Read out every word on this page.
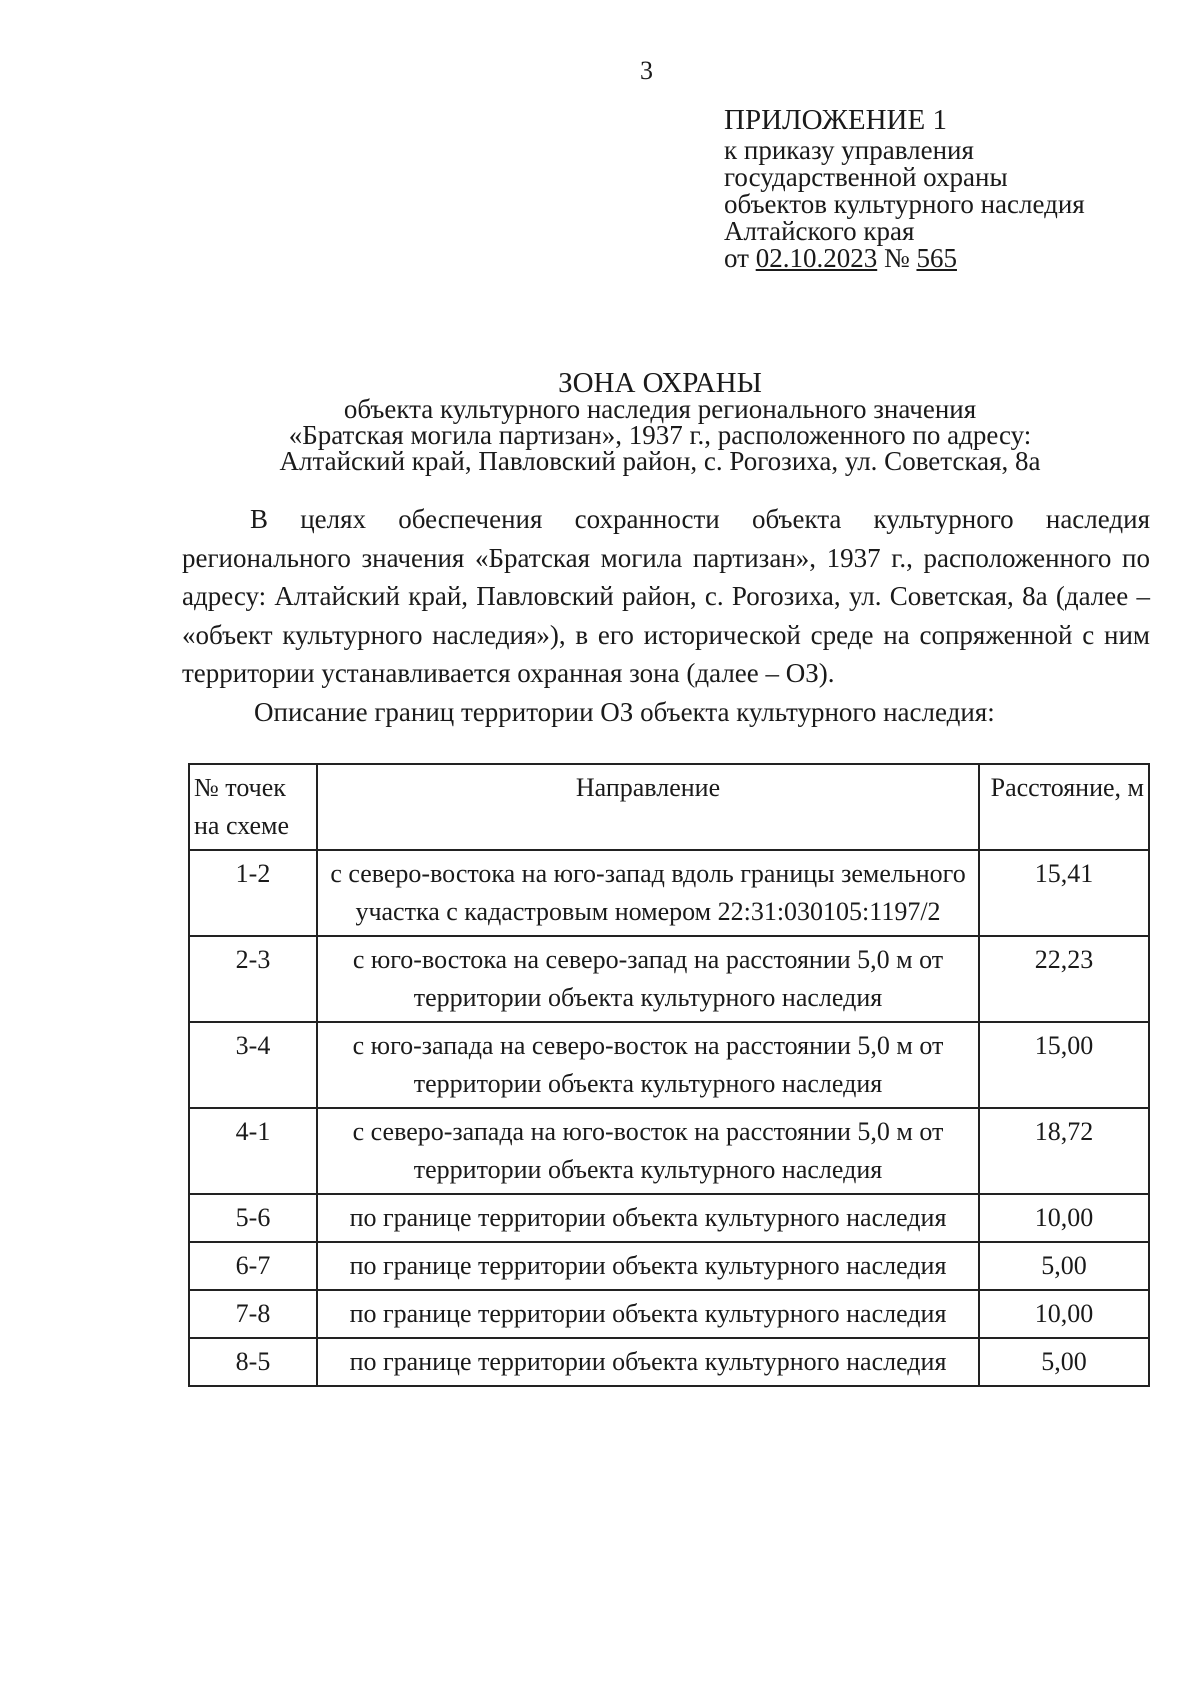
3
ПРИЛОЖЕНИЕ 1
к приказу управления
государственной охраны
объектов культурного наследия
Алтайского края
от 02.10.2023 № 565
ЗОНА ОХРАНЫ
объекта культурного наследия регионального значения
«Братская могила партизан», 1937 г., расположенного по адресу:
Алтайский край, Павловский район, с. Рогозиха, ул. Советская, 8а

В целях обеспечения сохранности объекта культурного наследия регионального значения «Братская могила партизан», 1937 г., расположенного по адресу: Алтайский край, Павловский район, с. Рогозиха, ул. Советская, 8а (далее – «объект культурного наследия»), в его исторической среде на сопряженной с ним территории устанавливается охранная зона (далее – ОЗ).

Описание границ территории ОЗ объекта культурного наследия:

№ точек на схеме	Направление	Расстояние, м
1-2	с северо-востока на юго-запад вдоль границы земельного участка с кадастровым номером 22:31:030105:1197/2	15,41
2-3	с юго-востока на северо-запад на расстоянии 5,0 м от территории объекта культурного наследия	22,23
3-4	с юго-запада на северо-восток на расстоянии 5,0 м от территории объекта культурного наследия	15,00
4-1	с северо-запада на юго-восток на расстоянии 5,0 м от территории объекта культурного наследия	18,72
5-6	по границе территории объекта культурного наследия	10,00
6-7	по границе территории объекта культурного наследия	5,00
7-8	по границе территории объекта культурного наследия	10,00
8-5	по границе территории объекта культурного наследия	5,00
